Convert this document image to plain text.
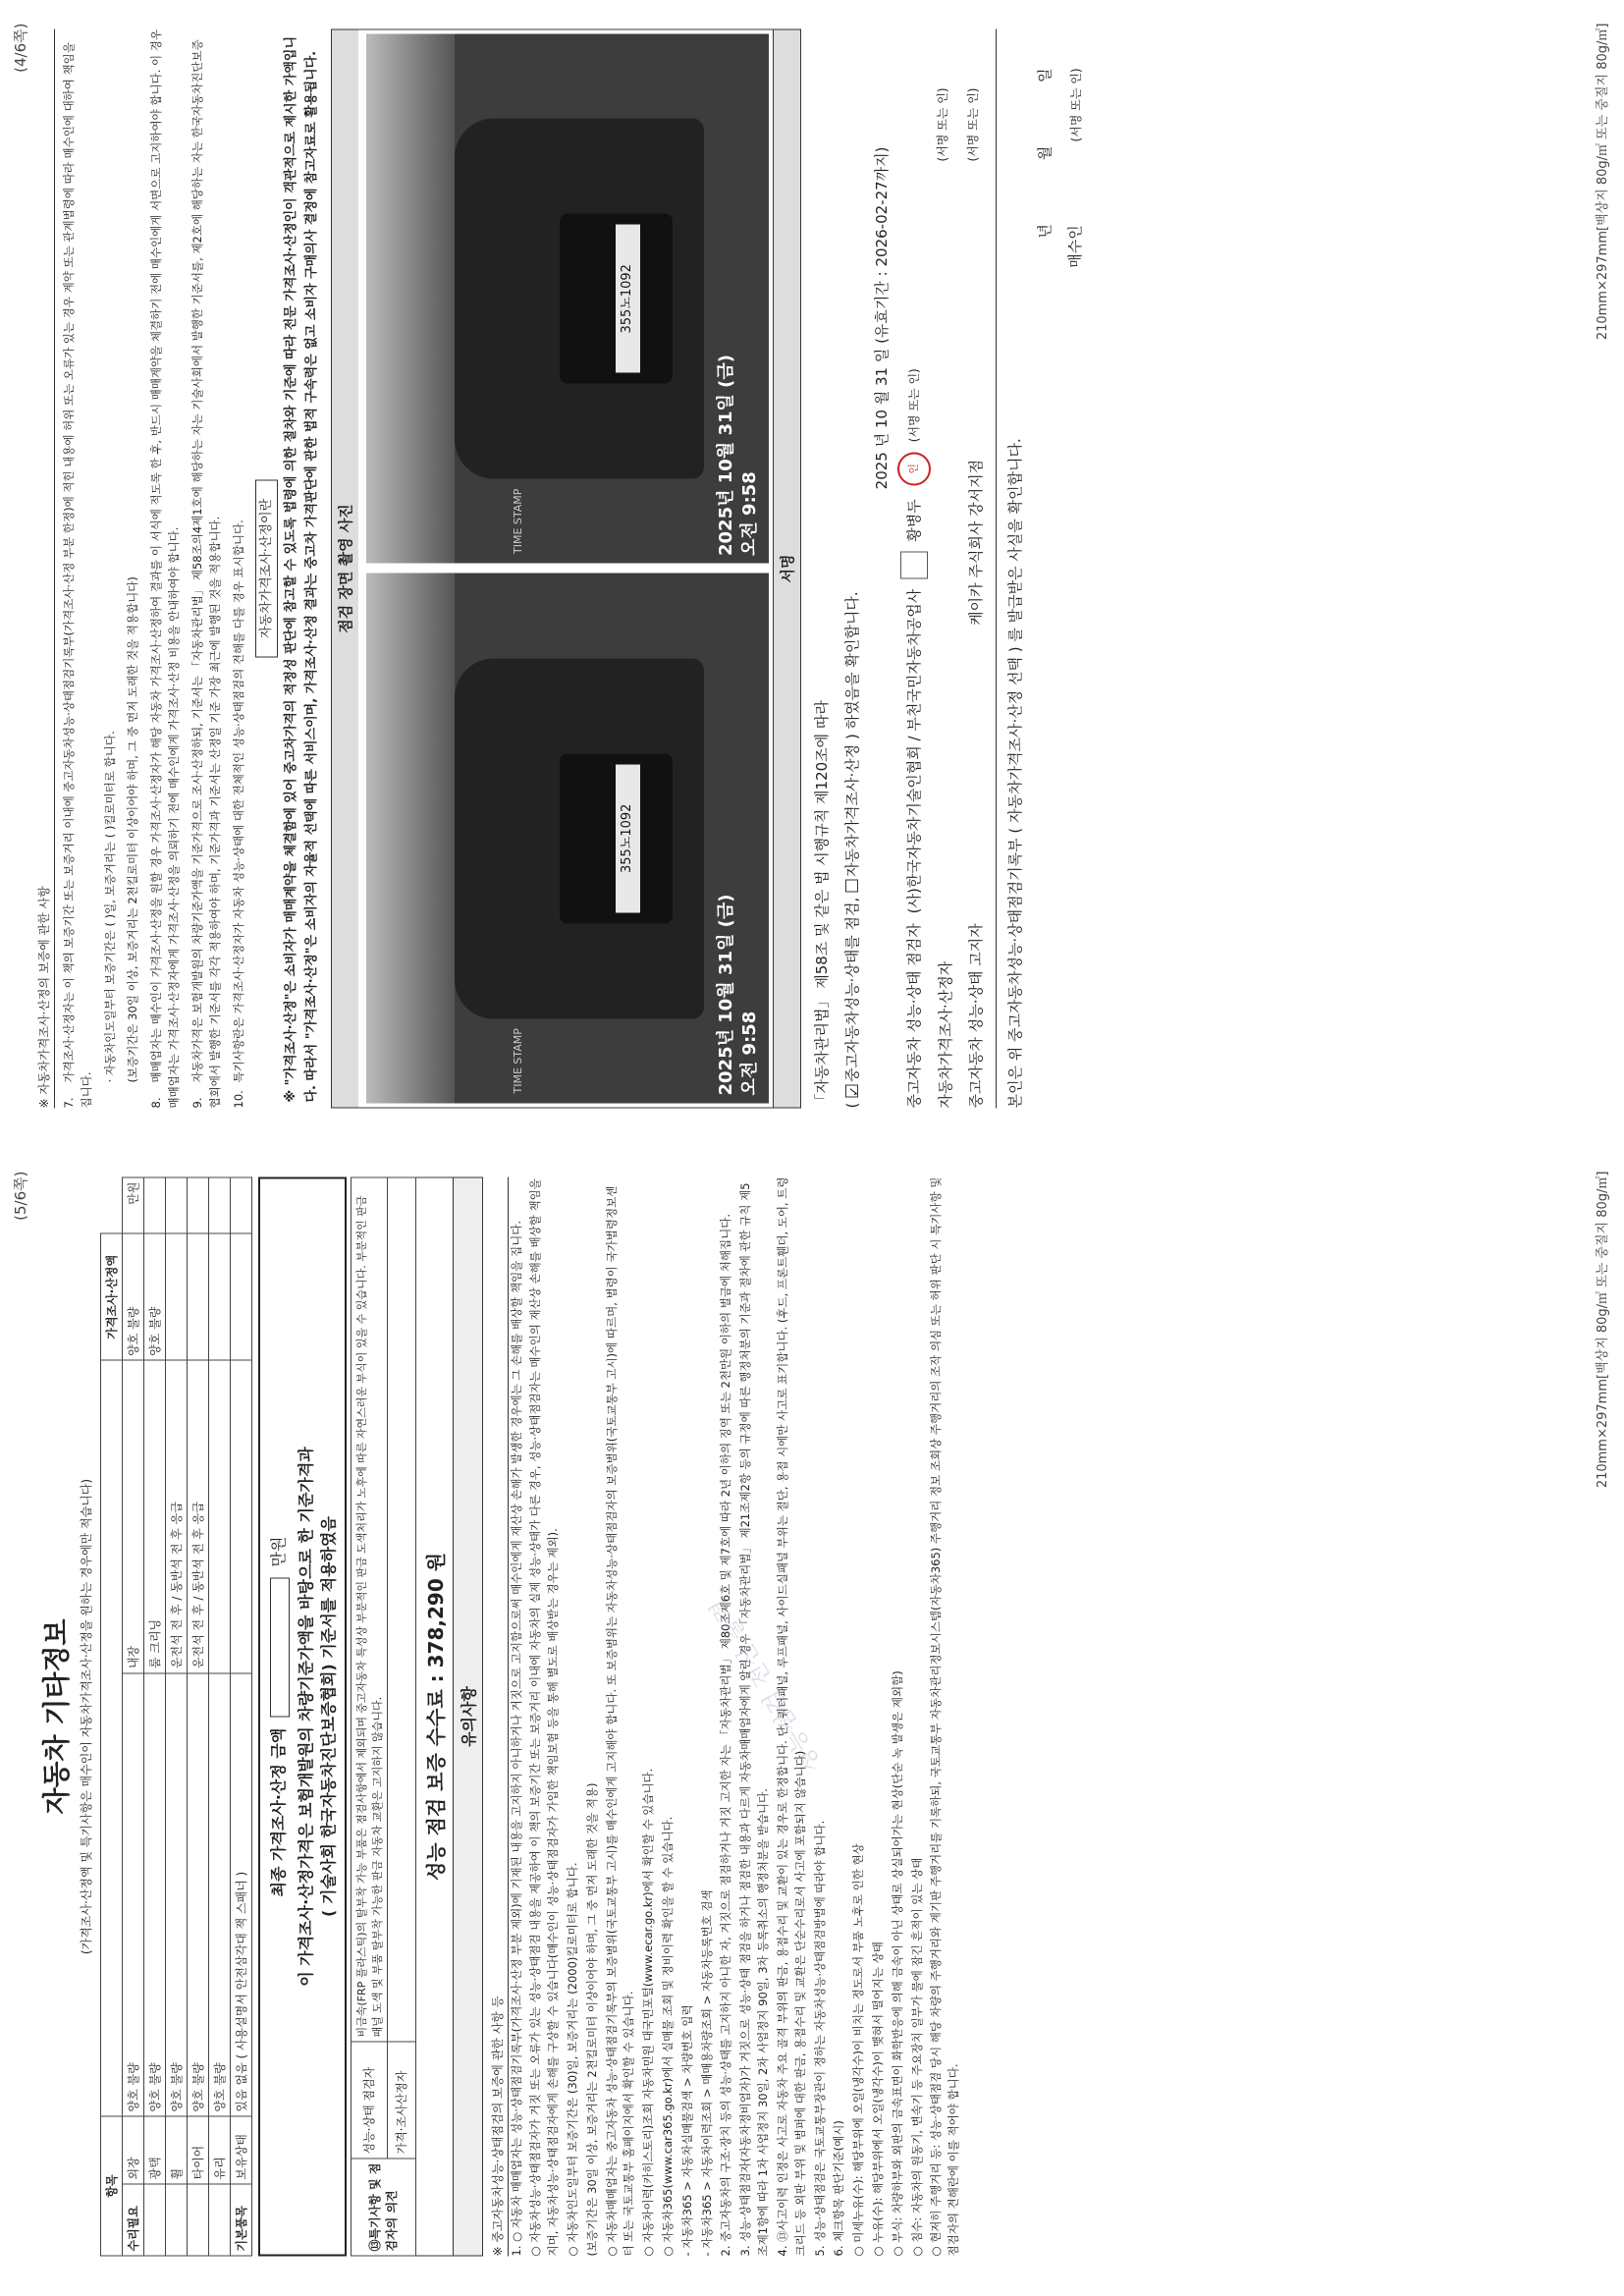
(4/6쪽)
※ 자동차가격조사·산정의 보증에 관한 사항 7.가격조사·산정자는 이 책의 보증기간 또는 보증거리 이내에 중고자동차성능·상태점검기록부(가격조사·산정 부분 한정)에 적힌 내용에 허위 또는 오류가 있는 경우 계약 또는 관계법령에 따라 매수인에 대하여 책임을 집니다.

· 자동차인도일부터 보증기간은 ( )일, 보증거리는 ( )킬로미터로 합니다. (보증기간은 30일 이상, 보증거리는 2천킬로미터 이상이어야 하며, 그 중 먼저 도래한 것을 적용합니다)

8.매매업자는 매수인이 가격조사·산정을 원할 경우 가격조사·산정자가 해당 자동차 가격조사·산정하여 결과를 이 서식에 적도록 한 후, 반드시 매매계약을 체결하기 전에 매수인에게 서면으로 고지하여야 합니다. 이 경우 매매업자는 가격조사·산정자에게 가격조사·산정을 의뢰하기 전에 매수인에게 가격조사·산정 비용을 안내하여야 합니다. 9.자동차가격은 보험개발원의 차량기준가액을 기준가격으로 조사·산정하되, 기준서는 「자동차관리법」 제58조의4제1호에 해당하는 자는 기술사회에서 발행한 기준서를, 제2호에 해당하는 자는 한국자동차진단보증협회에서 발행한 기준서를 각각 적용하여야 하며, 기준가격과 기준서는 산정일 기준 가장 최근에 발행된 것을 적용합니다. 10.특기사항란은 가격조사·산정자가 자동차 성능·상태에 대한 전체적인 성능·상태점검의 견해를 다를 경우 표시합니다.	자동차가격조사·산정이란 ※ "가격조사·산정"은 소비자가 매매계약을 체결함에 있어 중고차가격의 적정성 판단에 참고할 수 있도록 법령에 의한 절차와 기준에 따라 전문 가격조사·산정인이 객관적으로 제시한 가액입니다. 따라서 "가격조사·산정"은 소비자의 자율적 선택에 따른 서비스이며, 가격조사·산정 결과는 중고차 가격판단에 관한 법적 구속력은 없고 소비자 구매의사 결정에 참고자료로 활용됩니다.	점검 장면 촬영 사진
TIME STAMP
355노1092
2025년 10월 31일 (금) 오전 9:58
TIME STAMP
355노1092
2025년 10월 31일 (금) 오전 9:58
서명
「자동차관리법」 제58조 및 같은 법 시행규칙 제120조에 따라 ( ✓중고자동차성능·상태를 점검, 자동차가격조사·산정 ) 하였음을 확인합니다.
2025 년 10 월 31 일 (유효기간 : 2026-02-27까지)
중고자동차 성능·상태 점검자
(사)한국자동차기술인협회 / 부천국민자동차공업사
황병두
인
(서명 또는 인)
자동차가격조사·산정자
(서명 또는 인)
중고자동차 성능·상태 고지자
케이카 주식회사 강서지점
(서명 또는 인)
본인은 위 중고자동차성능·상태점검기록부 ( 자동차가격조사·산정 선택 ) 를 발급받은 사실을 확인합니다.
년 월 일
매수인 (서명 또는 인)	210mm×297mm[백상지 80g/㎡ 또는 중질지 80g/㎡]
(5/6쪽)
자동차 기타정보 (가격조사·산정액 및 특기사항은 매수인이 자동차가격조사·산정을 원하는 경우에만 적습니다)
항목				가격조사·산정액	
수리필요	외장	양호 불량	내장	양호 불량	만원
	광택	양호 불량	룸 크리닝	양호 불량	
	휠	양호 불량	운전석 전 후 / 동반석 전 후 응급		
	타이어	양호 불량	운전석 전 후 / 동반석 전 후 응급		
	유리	양호 불량			
기본품목	보유상태	있음 없음 ( 사용설명서 안전삼각대 잭 스패너 )			
최종 가격조사·산정 금액  만원 이 가격조사·산정가격은 보험개발원의 차량기준가액을 바탕으로 한 기준가격과 ( 기술사회 한국자동차진단보증협회) 기준서를 적용하였음
⑬특기사항 및 점검자의 의견	성능·상태 점검자	비금속(FRP 플라스틱)의 탈부착 가능 부품은 점검사항에서 제외되며 중고자동차 특성상 부분적인 판금 도색처리가 노후에 따른 자연스러운 부식이 있을 수 있습니다. 부분적인 판금 패널 도색 및 부품 탈부착 가능한 판금 자동차 교환은 고지하지 않습니다.
	가격·조사산정자	
성능 점검 보증 수수료 : 378,290 원 유의사항
※ 중고자동차성능·상태점검의 보증에 관한 사항 등 1. ○ 자동차 매매업자는 성능·상태점검기록부(가격조사·산정 부분 제외)에 기재된 내용을 고지하지 아니하거나 거짓으로 고지함으로써 매수인에게 재산상 손해가 발생한 경우에는 그 손해를 배상할 책임을 집니다. ○ 자동차성능·상태점검자가 거짓 또는 오류가 있는 성능·상태점검 내용을 제공하여 이 책의 보증기간 또는 보증거리 이내에 자동차의 실제 성능·상태가 다른 경우, 성능·상태점검자는 매수인의 재산상 손해를 배상할 책임을 지며, 자동차성능·상태점검자에게 손해를 구상할 수 있습니다(매수인이 성능·상태점검자가 가입한 책임보험 등을 통해 별도로 배상받는 경우는 제외). ○ 자동차인도일부터 보증기간은 (30)일, 보증거리는 (2000)킬로미터로 합니다. (보증기간은 30일 이상, 보증거리는 2천킬로미터 이상이어야 하며, 그 중 먼저 도래한 것을 적용) ○ 자동차매매업자는 중고자동차 성능·상태점검기록부의 보증범위(국토교통부 고시)를 매수인에게 고지해야 합니다. 또 보증범위는 자동차성능·상태점검자의 보증범위(국토교통부 고시)에 따르며, 법령이 국가법령정보센터 또는 국토교통부 홈페이지에서 확인할 수 있습니다. ○ 자동차이력(카히스토리)조회 자동차민원 대국민포털(www.ecar.go.kr)에서 확인할 수 있습니다. ○ 자동차365(www.car365.go.kr)에서 실매물 조회 및 정비이력 확인을 할 수 있습니다. - 자동차365 > 자동차실매물검색 > 차량번호 입력 - 자동차365 > 자동차이력조회 > 매매용차량조회 > 자동차등록번호 검색 2. 중고자동차의 구조·장치 등의 성능·상태를 고지하지 아니한 자, 거짓으로 점검하거나 거짓 고지한 자는 「자동차관리법」 제80조제6호 및 제7호에 따라 2년 이하의 징역 또는 2천만원 이하의 벌금에 처해집니다. 3. 성능·상태점검자(자동차정비업자)가 거짓으로 성능·상태 점검을 하거나 점검한 내용과 다르게 자동차매매업자에게 알린 경우 「자동차관리법」 제21조제2항 등의 규정에 따른 행정처분의 기준과 절차에 관한 규칙 제5조제1항에 따라 1차 사업정지 30일, 2차 사업정지 90일, 3차 등록취소의 행정처분을 받습니다. 4. ⑬사고이력 인정은 사고로 자동차 주요 골격 부위의 판금, 용접수리 및 교환이 있는 경우로 한정합니다. 단, 쿼터패널, 루프패널, 사이드실패널 부위는 절단, 용접 시에만 사고로 표기합니다. (후드, 프론트휀더, 도어, 트렁크리드 등 외판 부위 및 범퍼에 대한 판금, 용접수리 및 교환은 단순수리로서 사고에 포함되지 않습니다) 5. 성능·상태점검은 국토교통부장관이 정하는 자동차성능·상태점검방법에 따라야 합니다. 6. 체크항목 판단기준(예시) ○ 미세누유(수): 해당부위에 오일(냉각수)이 비치는 정도로서 부품 노후로 인한 현상 ○ 누유(수): 해당부위에서 오일(냉각수)이 맺혀서 떨어지는 상태 ○ 부식: 차량하부와 외판의 금속표면이 화학반응에 의해 금속이 아닌 상태로 상실되어가는 현상(단순 녹 발생은 제외함) ○ 침수: 자동차의 원동기, 변속기 등 주요장치 일부가 물에 잠긴 흔적이 있는 상태 ○ 현저히 주행거리 등: 성능·상태점검 당시 해당 차량의 주행거리와 계기판 주행거리를 기록하되, 국토교통부 자동차관리정보시스템(자동차365) 주행거리 정보 조회상 주행거리의 조작 의심 또는 허위 판단 시 특기사항 및 점검자의 견해란에 이를 적어야 합니다.

성능점검 전산 출력
210mm×297mm[백상지 80g/㎡ 또는 중질지 80g/㎡]
